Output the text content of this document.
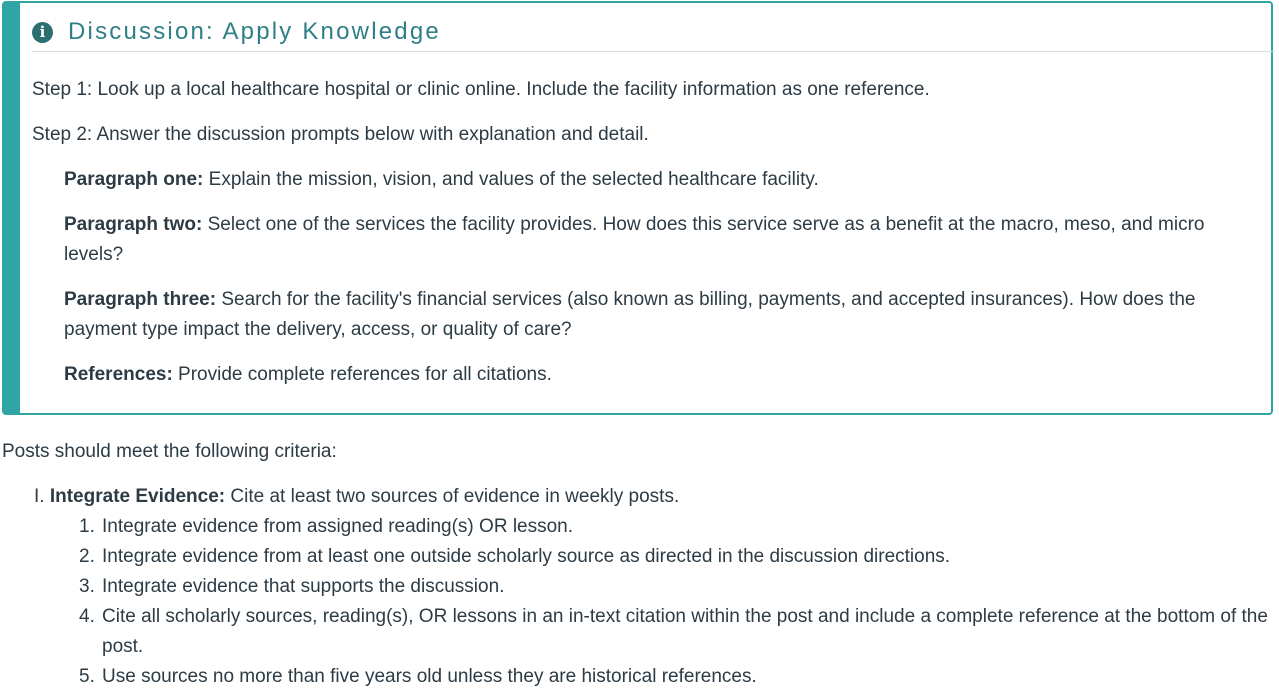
i Discussion: Apply Knowledge

Step 1: Look up a local healthcare hospital or clinic online. Include the facility information as one reference.

Step 2: Answer the discussion prompts below with explanation and detail.

Paragraph one: Explain the mission, vision, and values of the selected healthcare facility.

Paragraph two: Select one of the services the facility provides. How does this service serve as a benefit at the macro, meso, and micro levels?

Paragraph three: Search for the facility's financial services (also known as billing, payments, and accepted insurances). How does the payment type impact the delivery, access, or quality of care?

References: Provide complete references for all citations.

Posts should meet the following criteria:

I. Integrate Evidence: Cite at least two sources of evidence in weekly posts.

1. Integrate evidence from assigned reading(s) OR lesson.
2. Integrate evidence from at least one outside scholarly source as directed in the discussion directions.
3. Integrate evidence that supports the discussion.
4. Cite all scholarly sources, reading(s), OR lessons in an in-text citation within the post and include a complete reference at the bottom of the post.
5. Use sources no more than five years old unless they are historical references.
